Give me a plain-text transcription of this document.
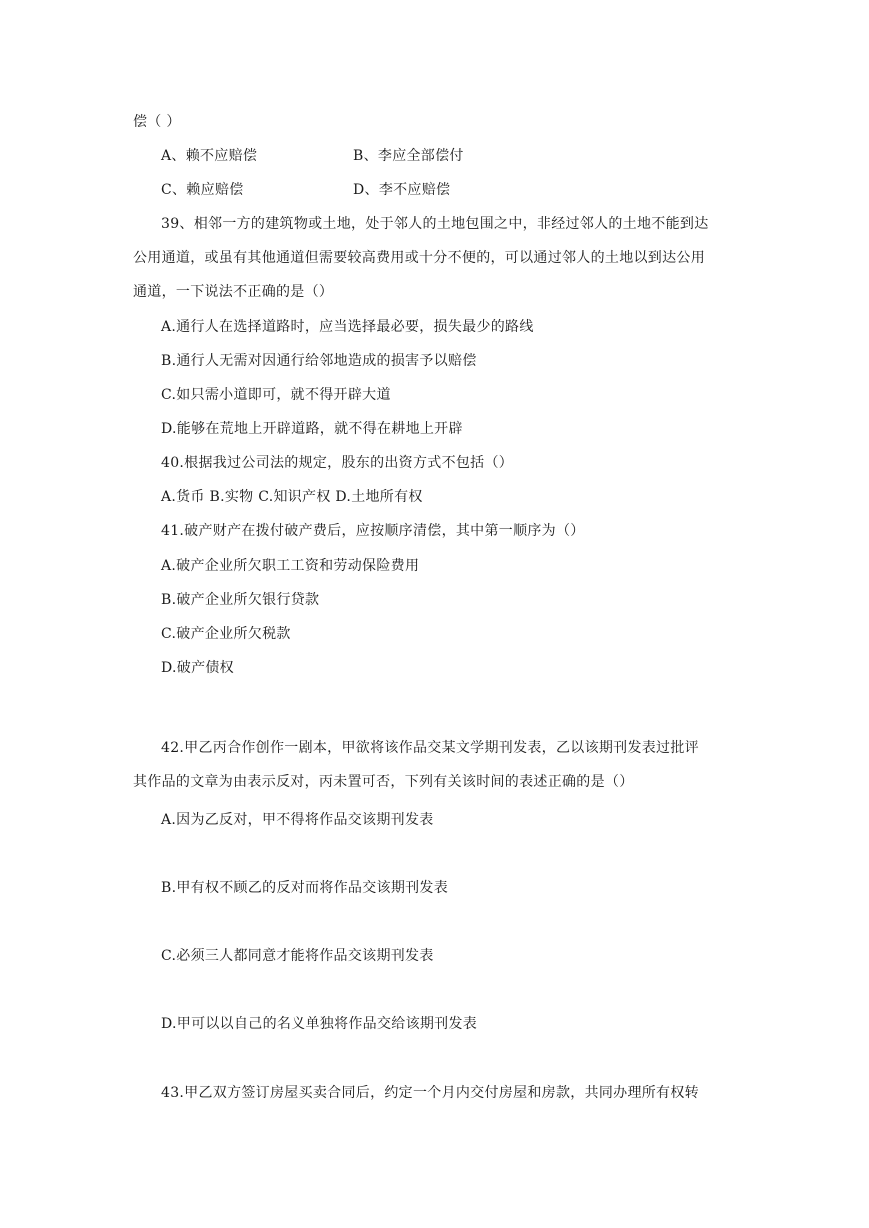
偿（ ）
A、赖不应赔偿	B、李应全部偿付
C、赖应赔偿	D、李不应赔偿
39、相邻一方的建筑物或土地，处于邻人的土地包围之中，非经过邻人的土地不能到达
公用通道，或虽有其他通道但需要较高费用或十分不便的，可以通过邻人的土地以到达公用
通道，一下说法不正确的是（）
A.通行人在选择道路时，应当选择最必要，损失最少的路线
B.通行人无需对因通行给邻地造成的损害予以赔偿
C.如只需小道即可，就不得开辟大道
D.能够在荒地上开辟道路，就不得在耕地上开辟
40.根据我过公司法的规定，股东的出资方式不包括（）
A.货币 B.实物 C.知识产权 D.土地所有权
41.破产财产在拨付破产费后，应按顺序清偿，其中第一顺序为（）
A.破产企业所欠职工工资和劳动保险费用
B.破产企业所欠银行贷款
C.破产企业所欠税款
D.破产债权
42.甲乙丙合作创作一剧本，甲欲将该作品交某文学期刊发表，乙以该期刊发表过批评
其作品的文章为由表示反对，丙未置可否，下列有关该时间的表述正确的是（）
A.因为乙反对，甲不得将作品交该期刊发表
B.甲有权不顾乙的反对而将作品交该期刊发表
C.必须三人都同意才能将作品交该期刊发表
D.甲可以以自己的名义单独将作品交给该期刊发表
43.甲乙双方签订房屋买卖合同后，约定一个月内交付房屋和房款，共同办理所有权转
